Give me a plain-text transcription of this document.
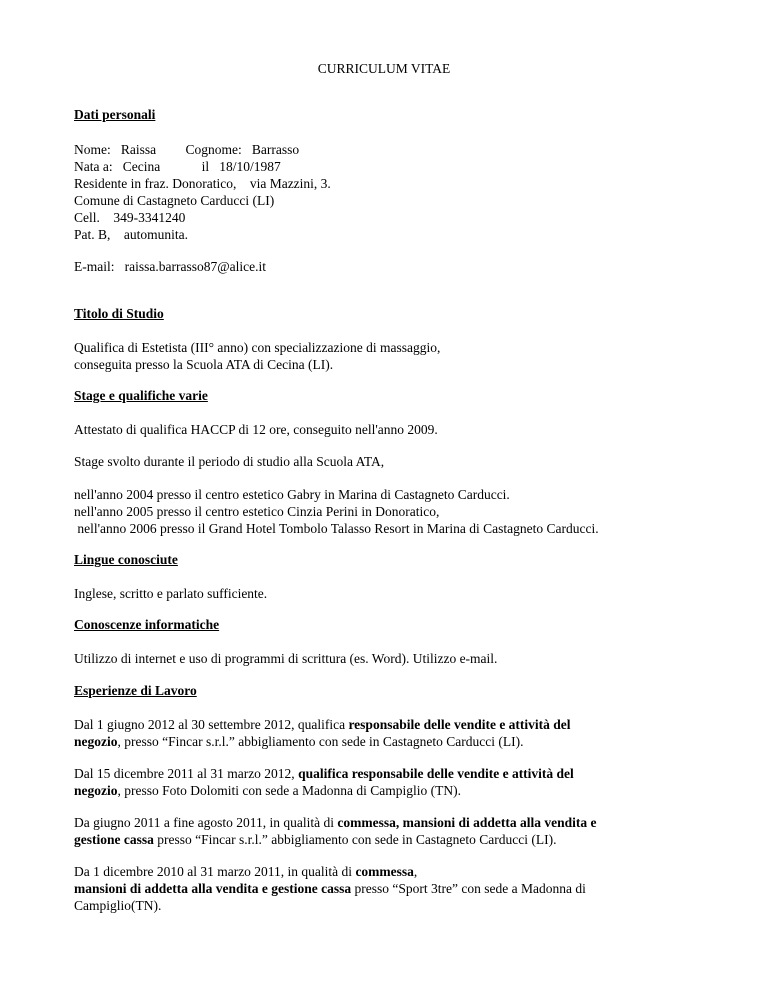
CURRICULUM VITAE
Dati personali
Nome: Raissa Cognome: Barrasso
Nata a: Cecina	il 18/10/1987
Residente in fraz. Donoratico, via Mazzini, 3.
Comune di Castagneto Carducci (LI)
Cell. 349-3341240
Pat. B, automunita.
E-mail: raissa.barrasso87@alice.it
Titolo di Studio
Qualifica di Estetista (III° anno) con specializzazione di massaggio,
conseguita presso la Scuola ATA di Cecina (LI).
Stage e qualifiche varie
Attestato di qualifica HACCP di 12 ore, conseguito nell'anno 2009.
Stage svolto durante il periodo di studio alla Scuola ATA,
nell'anno 2004 presso il centro estetico Gabry in Marina di Castagneto Carducci.
nell'anno 2005 presso il centro estetico Cinzia Perini in Donoratico,
nell'anno 2006 presso il Grand Hotel Tombolo Talasso Resort in Marina di Castagneto Carducci.
Lingue conosciute
Inglese, scritto e parlato sufficiente.
Conoscenze informatiche
Utilizzo di internet e uso di programmi di scrittura (es. Word). Utilizzo e-mail.
Esperienze di Lavoro
Dal 1 giugno 2012 al 30 settembre 2012, qualifica responsabile delle vendite e attività del
negozio, presso “Fincar s.r.l.” abbigliamento con sede in Castagneto Carducci (LI).
Dal 15 dicembre 2011 al 31 marzo 2012, qualifica responsabile delle vendite e attività del
negozio, presso Foto Dolomiti con sede a Madonna di Campiglio (TN).
Da giugno 2011 a fine agosto 2011, in qualità di commessa, mansioni di addetta alla vendita e
gestione cassa presso “Fincar s.r.l.” abbigliamento con sede in Castagneto Carducci (LI).
Da 1 dicembre 2010 al 31 marzo 2011, in qualità di commessa,
mansioni di addetta alla vendita e gestione cassa presso “Sport 3tre” con sede a Madonna di
Campiglio(TN).
